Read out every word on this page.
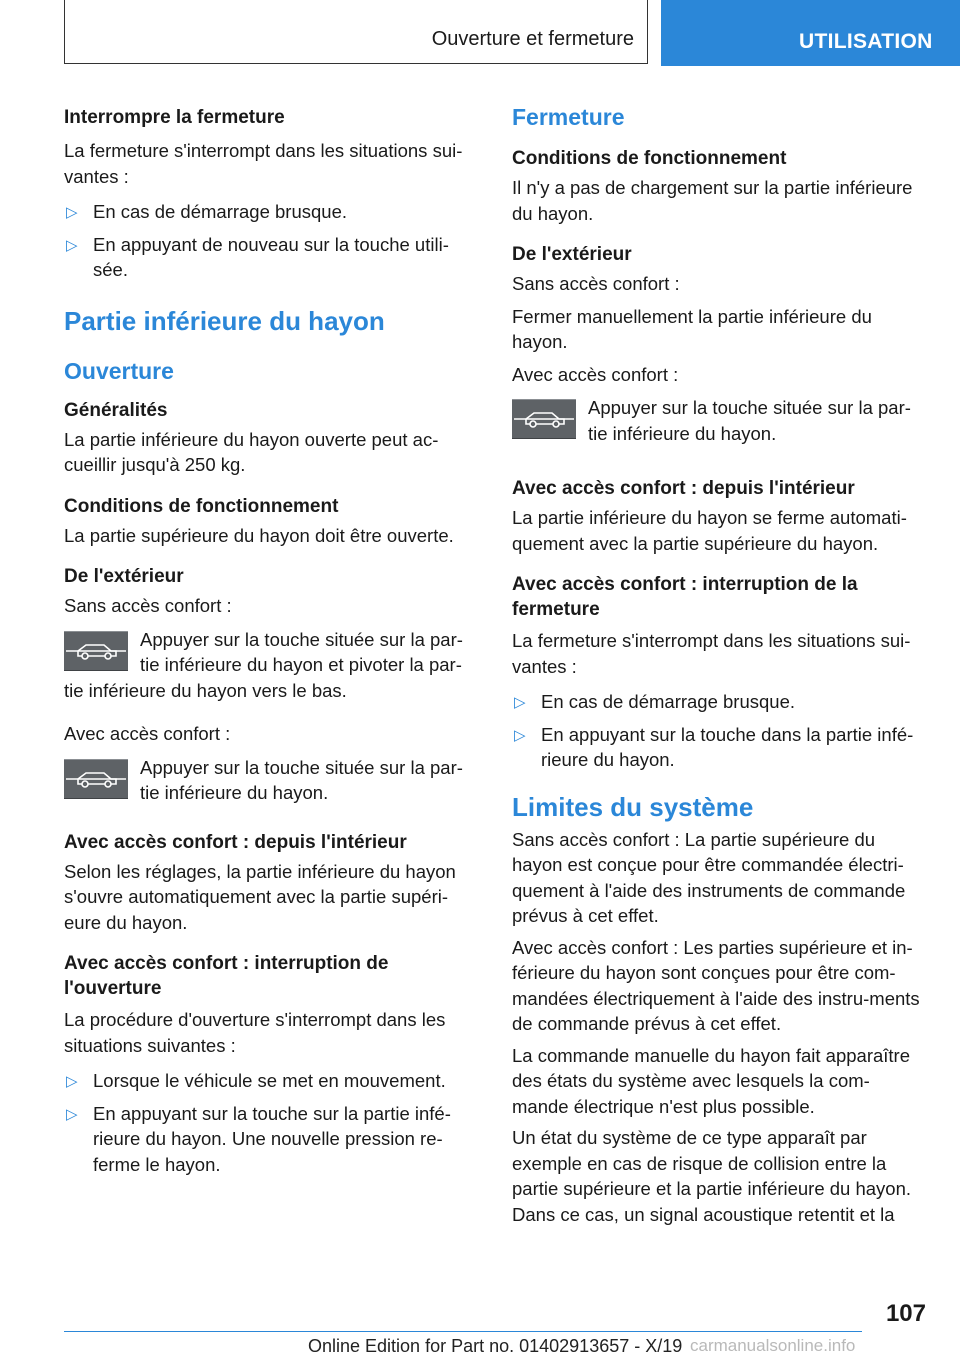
Ouverture et fermeture	UTILISATION
Interrompre la fermeture
La fermeture s'interrompt dans les situations sui-vantes :
▷ En cas de démarrage brusque.
▷ En appuyant de nouveau sur la touche utili-sée.
Partie inférieure du hayon
Ouverture
Généralités
La partie inférieure du hayon ouverte peut ac-cueillir jusqu'à 250 kg.
Conditions de fonctionnement
La partie supérieure du hayon doit être ouverte.
De l'extérieur
Sans accès confort :
Appuyer sur la touche située sur la par-tie inférieure du hayon et pivoter la par-tie inférieure du hayon vers le bas.
Avec accès confort :
Appuyer sur la touche située sur la par-tie inférieure du hayon.
Avec accès confort : depuis l'intérieur
Selon les réglages, la partie inférieure du hayon s'ouvre automatiquement avec la partie supéri-eure du hayon.
Avec accès confort : interruption de l'ouverture
La procédure d'ouverture s'interrompt dans les situations suivantes :
▷ Lorsque le véhicule se met en mouvement.
▷ En appuyant sur la touche sur la partie infé-rieure du hayon. Une nouvelle pression re-ferme le hayon.
Fermeture
Conditions de fonctionnement
Il n'y a pas de chargement sur la partie inférieure du hayon.
De l'extérieur
Sans accès confort :
Fermer manuellement la partie inférieure du hayon.
Avec accès confort :
Appuyer sur la touche située sur la par-tie inférieure du hayon.
Avec accès confort : depuis l'intérieur
La partie inférieure du hayon se ferme automati-quement avec la partie supérieure du hayon.
Avec accès confort : interruption de la fermeture
La fermeture s'interrompt dans les situations sui-vantes :
▷ En cas de démarrage brusque.
▷ En appuyant sur la touche dans la partie infé-rieure du hayon.
Limites du système
Sans accès confort : La partie supérieure du hayon est conçue pour être commandée électri-quement à l'aide des instruments de commande prévus à cet effet.
Avec accès confort : Les parties supérieure et in-férieure du hayon sont conçues pour être com-mandées électriquement à l'aide des instru-ments de commande prévus à cet effet.
La commande manuelle du hayon fait apparaître des états du système avec lesquels la com-mande électrique n'est plus possible.
Un état du système de ce type apparaît par exemple en cas de risque de collision entre la partie supérieure et la partie inférieure du hayon. Dans ce cas, un signal acoustique retentit et la
107
Online Edition for Part no. 01402913657 - X/19 carmanualsonline.info
